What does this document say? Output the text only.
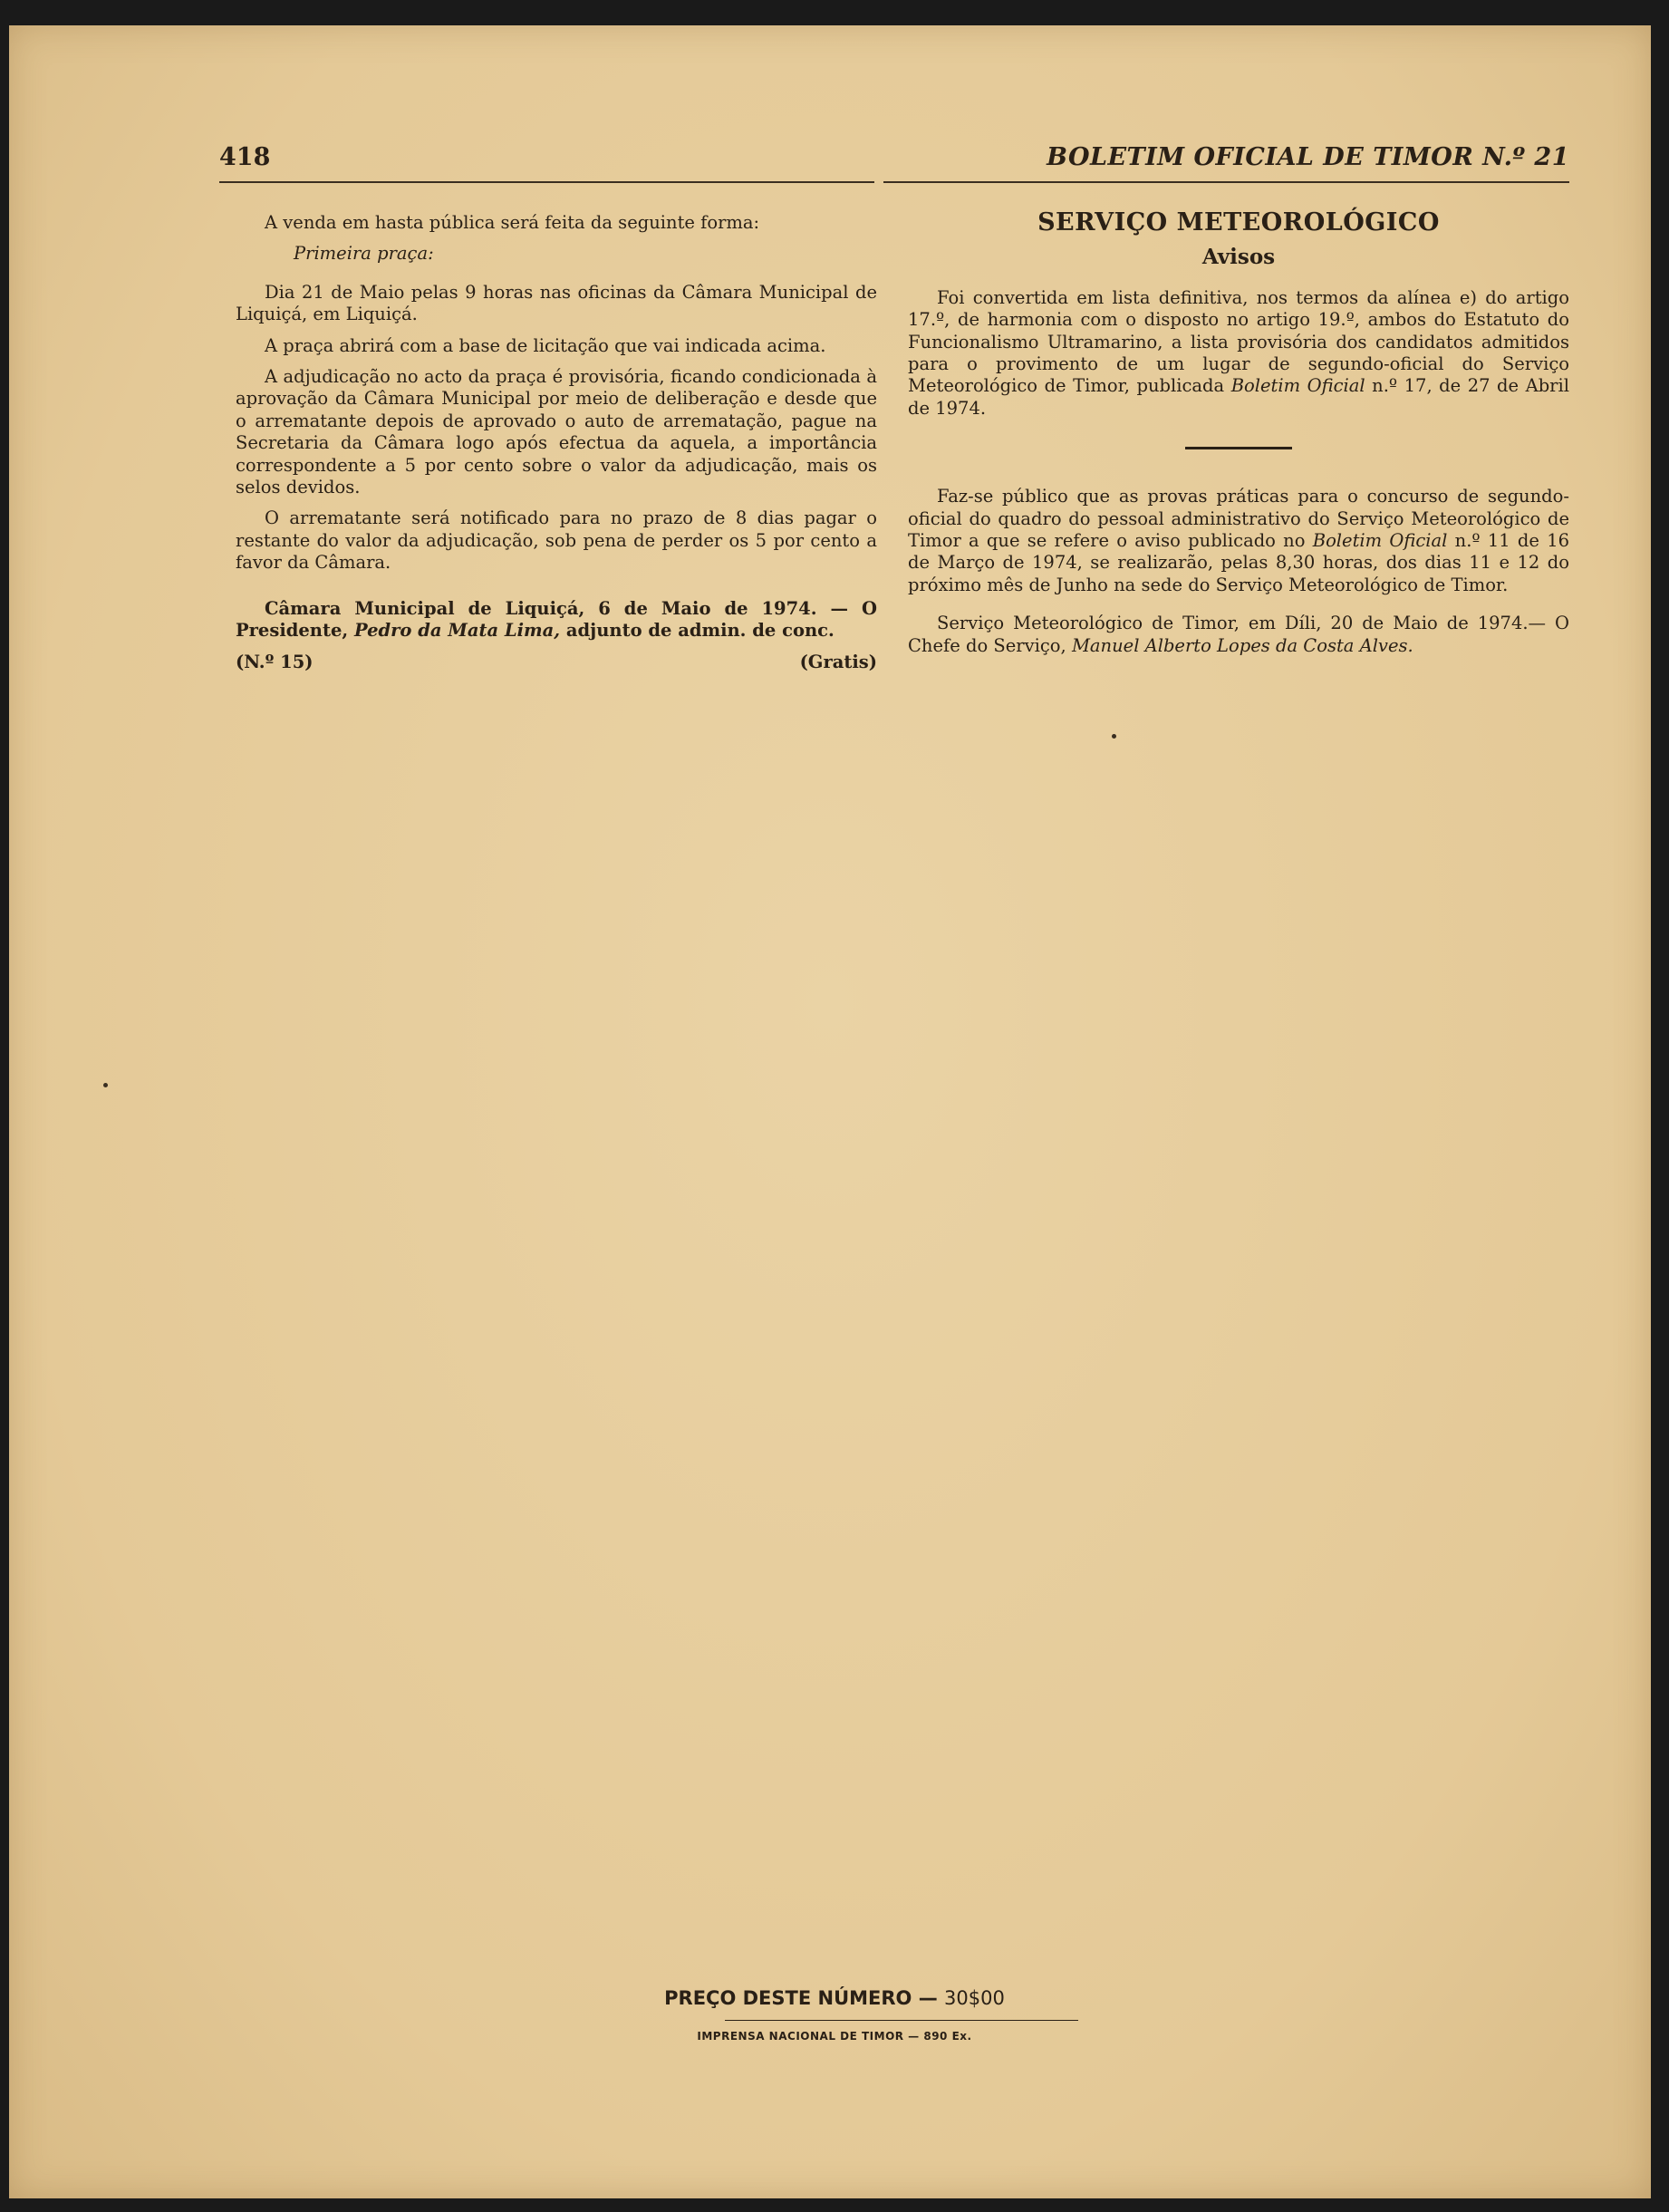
418	BOLETIM OFICIAL DE TIMOR N.º 21

A venda em hasta pública será feita da seguinte forma:

Primeira praça:

Dia 21 de Maio pelas 9 horas nas oficinas da Câmara Municipal de Liquiçá, em Liquiçá.

A praça abrirá com a base de licitação que vai indicada acima.

A adjudicação no acto da praça é provisória, ficando condicionada à aprovação da Câmara Municipal por meio de deliberação e desde que o arrematante depois de aprovado o auto de arrematação, pague na Secretaria da Câmara logo após efectua da aquela, a importância correspondente a 5 por cento sobre o valor da adjudicação, mais os selos devidos.

O arrematante será notificado para no prazo de 8 dias pagar o restante do valor da adjudicação, sob pena de perder os 5 por cento a favor da Câmara.

Câmara Municipal de Liquiçá, 6 de Maio de 1974. — O Presidente, Pedro da Mata Lima, adjunto de admin. de conc.

(N.º 15)	(Gratis)
SERVIÇO METEOROLÓGICO
Avisos

Foi convertida em lista definitiva, nos termos da alínea e) do artigo 17.º, de harmonia com o disposto no artigo 19.º, ambos do Estatuto do Funcionalismo Ultramarino, a lista provisória dos candidatos admitidos para o provimento de um lugar de segundo-oficial do Serviço Meteorológico de Timor, publicada Boletim Oficial n.º 17, de 27 de Abril de 1974.

Faz-se público que as provas práticas para o concurso de segundo-oficial do quadro do pessoal administrativo do Serviço Meteorológico de Timor a que se refere o aviso publicado no Boletim Oficial n.º 11 de 16 de Março de 1974, se realizarão, pelas 8,30 horas, dos dias 11 e 12 do próximo mês de Junho na sede do Serviço Meteorológico de Timor.

Serviço Meteorológico de Timor, em Díli, 20 de Maio de 1974.— O Chefe do Serviço, Manuel Alberto Lopes da Costa Alves.

PREÇO DESTE NÚMERO — 30$00
IMPRENSA NACIONAL DE TIMOR — 890 Ex.
